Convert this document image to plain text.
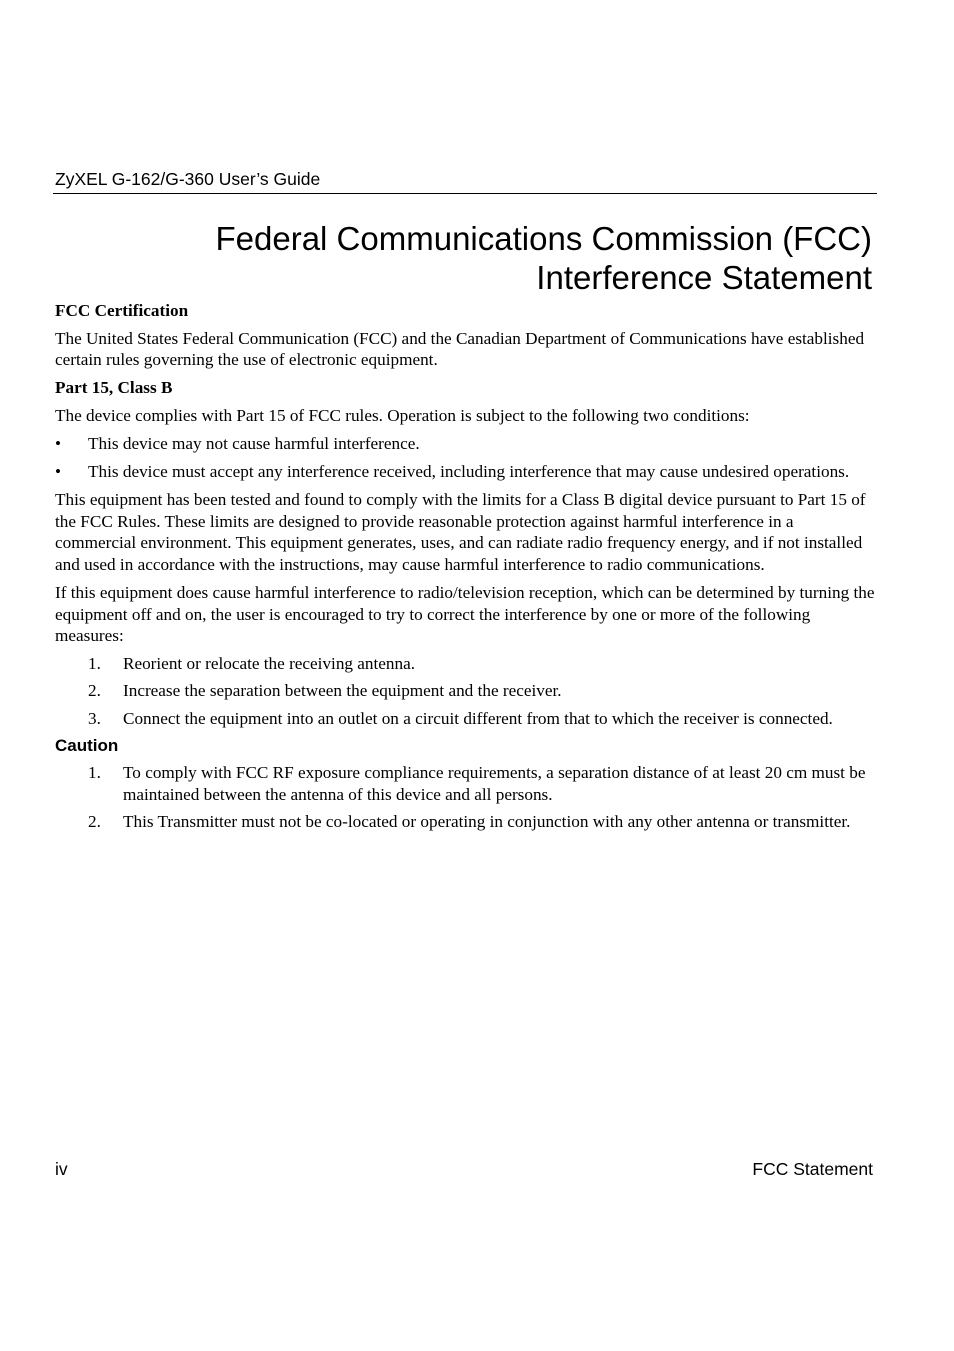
ZyXEL G-162/G-360 User’s Guide
Federal Communications Commission (FCC)
Interference Statement
FCC Certification

The United States Federal Communication (FCC) and the Canadian Department of Communications have established certain rules governing the use of electronic equipment.

Part 15, Class B

The device complies with Part 15 of FCC rules. Operation is subject to the following two conditions:

• This device may not cause harmful interference.
• This device must accept any interference received, including interference that may cause undesired operations.

This equipment has been tested and found to comply with the limits for a Class B digital device pursuant to Part 15 of the FCC Rules. These limits are designed to provide reasonable protection against harmful interference in a commercial environment. This equipment generates, uses, and can radiate radio frequency energy, and if not installed and used in accordance with the instructions, may cause harmful interference to radio communications.

If this equipment does cause harmful interference to radio/television reception, which can be determined by turning the equipment off and on, the user is encouraged to try to correct the interference by one or more of the following measures:

1. Reorient or relocate the receiving antenna.
2. Increase the separation between the equipment and the receiver.
3. Connect the equipment into an outlet on a circuit different from that to which the receiver is connected.
Caution
1. To comply with FCC RF exposure compliance requirements, a separation distance of at least 20 cm must be maintained between the antenna of this device and all persons.
2. This Transmitter must not be co-located or operating in conjunction with any other antenna or transmitter.
iv	FCC Statement
